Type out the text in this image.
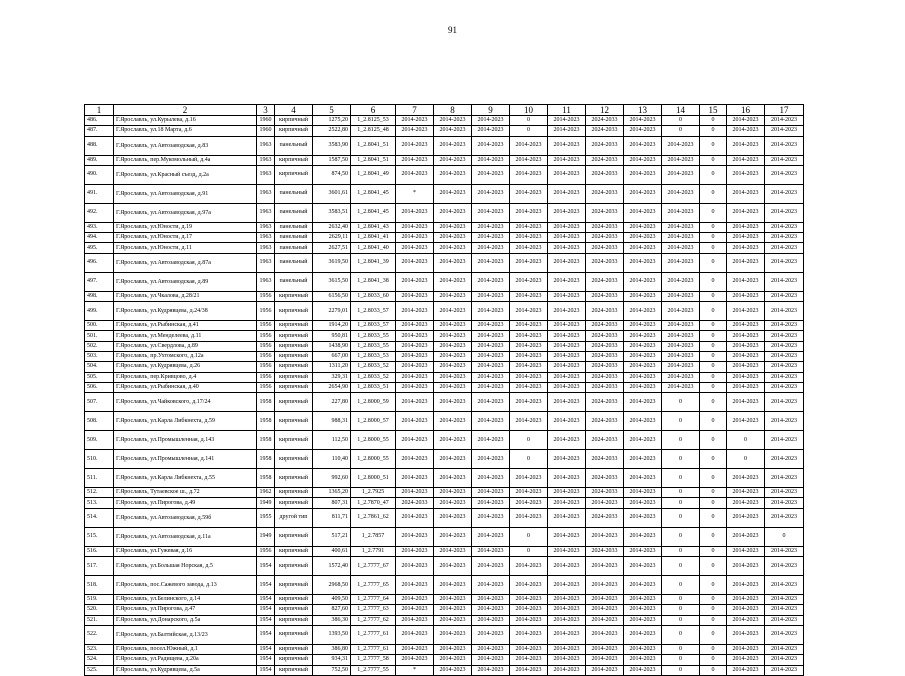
91
1	2	3	4	5	6	7	8	9	10	11	12	13	14	15	16	17
486.	Г.Ярославль, ул.Курылева, д.16	1960	кирпичный	1275,20	1_2.8125_53	2014-2023	2014-2023	2014-2023	0	2014-2023	2024-2033	2014-2023	0	0	2014-2023	2014-2023
487.	Г.Ярославль, ул.18 Марта, д.6	1960	кирпичный	2522,80	1_2.8125_48	2014-2023	2014-2023	2014-2023	0	2014-2023	2024-2033	2014-2023	0	0	2014-2023	2014-2023
488.	Г.Ярославль, ул.Автозаводская, д.83	1963	панельный	3583,90	1_2.8041_51	2014-2023	2014-2023	2014-2023	2014-2023	2014-2023	2024-2033	2014-2023	2014-2023	0	2014-2023	2014-2023
489.	Г.Ярославль, пер.Мукомольный, д.4а	1963	кирпичный	1587,50	1_2.8041_51	2014-2023	2014-2023	2014-2023	2014-2023	2014-2023	2024-2033	2014-2023	2014-2023	0	2014-2023	2014-2023
490.	Г.Ярославль, ул.Красный съезд, д.2а	1963	кирпичный	874,50	1_2.8041_49	2014-2023	2014-2023	2014-2023	2014-2023	2014-2023	2024-2033	2014-2023	2014-2023	0	2014-2023	2014-2023
491.	Г.Ярославль, ул.Автозаводская, д.91	1963	панельный	3601,61	1_2.8041_45	*	2014-2023	2014-2023	2014-2023	2014-2023	2024-2033	2014-2023	2014-2023	0	2014-2023	2014-2023
492.	Г.Ярославль, ул.Автозаводская, д.97а	1963	панельный	3583,51	1_2.8041_45	2014-2023	2014-2023	2014-2023	2014-2023	2014-2023	2024-2033	2014-2023	2014-2023	0	2014-2023	2014-2023
493.	Г.Ярославль, ул.Юности, д.19	1963	панельный	2632,40	1_2.8041_43	2014-2023	2014-2023	2014-2023	2014-2023	2014-2023	2024-2033	2014-2023	2014-2023	0	2014-2023	2014-2023
494.	Г.Ярославль, ул.Юности, д.17	1963	панельный	2629,11	1_2.8041_41	2014-2023	2014-2023	2014-2023	2014-2023	2014-2023	2024-2033	2014-2023	2014-2023	0	2014-2023	2014-2023
495.	Г.Ярославль, ул.Юности, д.11	1963	панельный	2627,51	1_2.8041_40	2014-2023	2014-2023	2014-2023	2014-2023	2014-2023	2024-2033	2014-2023	2014-2023	0	2014-2023	2014-2023
496.	Г.Ярославль, ул.Автозаводская, д.87а	1963	панельный	3619,50	1_2.8041_39	2014-2023	2014-2023	2014-2023	2014-2023	2014-2023	2024-2033	2014-2023	2014-2023	0	2014-2023	2014-2023
497.	Г.Ярославль, ул.Автозаводская, д.89	1963	панельный	3615,50	1_2.8041_38	2014-2023	2014-2023	2014-2023	2014-2023	2014-2023	2024-2033	2014-2023	2014-2023	0	2014-2023	2014-2023
498.	Г.Ярославль, ул.Чкалова, д.28/21	1956	кирпичный	6156,50	1_2.8033_60	2014-2023	2014-2023	2014-2023	2014-2023	2014-2023	2024-2033	2014-2023	2014-2023	0	2014-2023	2014-2023
499.	Г.Ярославль, ул.Кудрявцева, д.24/38	1956	кирпичный	2279,01	1_2.8033_57	2014-2023	2014-2023	2014-2023	2014-2023	2014-2023	2024-2033	2014-2023	2014-2023	0	2014-2023	2014-2023
500.	Г.Ярославль, ул.Рыбинская, д.41	1956	кирпичный	1914,20	1_2.8033_57	2014-2023	2014-2023	2014-2023	2014-2023	2014-2023	2024-2033	2014-2023	2014-2023	0	2014-2023	2014-2023
501.	Г.Ярославль, ул.Менделеева, д.11	1956	кирпичный	950,81	1_2.8033_55	2014-2023	2014-2023	2014-2023	2014-2023	2014-2023	2024-2033	2014-2023	2014-2023	0	2014-2023	2014-2023
502.	Г.Ярославль, ул.Свердлова, д.89	1956	кирпичный	1438,90	1_2.8033_55	2014-2023	2014-2023	2014-2023	2014-2023	2014-2023	2024-2033	2014-2023	2014-2023	0	2014-2023	2014-2023
503.	Г.Ярославль, пр.Ухтомского, д.12а	1956	кирпичный	667,00	1_2.8033_53	2014-2023	2014-2023	2014-2023	2014-2023	2014-2023	2024-2033	2014-2023	2014-2023	0	2014-2023	2014-2023
504.	Г.Ярославль, ул.Кудрявцева, д.26	1956	кирпичный	1311,20	1_2.8033_52	2014-2023	2014-2023	2014-2023	2014-2023	2014-2023	2024-2033	2014-2023	2014-2023	0	2014-2023	2014-2023
505.	Г.Ярославль, пер.Кривцово, д.4	1956	кирпичный	329,31	1_2.8033_52	2014-2023	2014-2023	2014-2023	2014-2023	2014-2023	2024-2033	2014-2023	2014-2023	0	2014-2023	2014-2023
506.	Г.Ярославль, ул.Рыбинская, д.40	1956	кирпичный	2654,90	1_2.8033_51	2014-2023	2014-2023	2014-2023	2014-2023	2014-2023	2024-2033	2014-2023	2014-2023	0	2014-2023	2014-2023
507.	Г.Ярославль, ул.Чайковского, д.17/24	1958	кирпичный	227,80	1_2.8000_59	2014-2023	2014-2023	2014-2023	2014-2023	2014-2023	2024-2033	2014-2023	0	0	2014-2023	2014-2023
508.	Г.Ярославль, ул.Карла Либкнехта, д.59	1958	кирпичный	988,31	1_2.8000_57	2014-2023	2014-2023	2014-2023	2014-2023	2014-2023	2024-2033	2014-2023	0	0	2014-2023	2014-2023
509.	Г.Ярославль, ул.Промышленная, д.143	1958	кирпичный	112,50	1_2.8000_55	2014-2023	2014-2023	2014-2023	0	2014-2023	2024-2033	2014-2023	0	0	0	2014-2023
510.	Г.Ярославль, ул.Промышленная, д.141	1958	кирпичный	110,40	1_2.8000_55	2014-2023	2014-2023	2014-2023	0	2014-2023	2024-2033	2014-2023	0	0	0	2014-2023
511.	Г.Ярославль, ул.Карла Либкнехта, д.55	1958	кирпичный	992,60	1_2.8000_51	2014-2023	2014-2023	2014-2023	2014-2023	2014-2023	2024-2033	2014-2023	0	0	2014-2023	2014-2023
512.	Г.Ярославль, Тутаевское ш., д.72	1962	кирпичный	1365,20	1_2.7925	2014-2023	2014-2023	2014-2023	2014-2023	2014-2023	2024-2033	2014-2023	0	0	2014-2023	2014-2023
513.	Г.Ярославль, ул.Пирогова, д.49	1949	кирпичный	807,31	1_2.7870_47	2024-2033	2014-2023	2014-2023	2014-2023	2014-2023	2014-2023	2014-2023	0	0	2014-2023	2014-2023
514.	Г.Ярославль, ул.Автозаводская, д.59б	1955	другой тип	811,71	1_2.7861_62	2014-2023	2014-2023	2014-2023	2014-2023	2014-2023	2024-2033	2014-2023	0	0	2014-2023	2014-2023
515.	Г.Ярославль, ул.Автозаводская, д.11а	1949	кирпичный	517,21	1_2.7857	2014-2023	2014-2023	2014-2023	0	2014-2023	2014-2023	2014-2023	0	0	2014-2023	0
516.	Г.Ярославль, ул.Гужевая, д.16	1956	кирпичный	400,61	1_2.7791	2014-2023	2014-2023	2014-2023	0	2014-2023	2024-2033	2014-2023	0	0	2014-2023	2014-2023
517.	Г.Ярославль, ул.Большая Норская, д.5	1954	кирпичный	1572,40	1_2.7777_67	2014-2023	2014-2023	2014-2023	2014-2023	2014-2023	2014-2023	2014-2023	0	0	2014-2023	2014-2023
518.	Г.Ярославль, пос.Сажевого завода, д.13	1954	кирпичный	2968,50	1_2.7777_65	2014-2023	2014-2023	2014-2023	2014-2023	2014-2023	2014-2023	2014-2023	0	0	2014-2023	2014-2023
519.	Г.Ярославль, ул.Белинского, д.14	1954	кирпичный	409,50	1_2.7777_64	2014-2023	2014-2023	2014-2023	2014-2023	2014-2023	2014-2023	2014-2023	0	0	2014-2023	2014-2023
520.	Г.Ярославль, ул.Пирогова, д.47	1954	кирпичный	827,60	1_2.7777_63	2014-2023	2014-2023	2014-2023	2014-2023	2014-2023	2014-2023	2014-2023	0	0	2014-2023	2014-2023
521.	Г.Ярославль, ул.Донарского, д.5а	1954	кирпичный	386,30	1_2.7777_62	2014-2023	2014-2023	2014-2023	2014-2023	2014-2023	2014-2023	2014-2023	0	0	2014-2023	2014-2023
522.	Г.Ярославль, ул.Балтийская, д.13/23	1954	кирпичный	1393,50	1_2.7777_61	2014-2023	2014-2023	2014-2023	2014-2023	2014-2023	2014-2023	2014-2023	0	0	2014-2023	2014-2023
523.	Г.Ярославль, посел.Южный, д.1	1954	кирпичный	386,80	1_2.7777_61	2014-2023	2014-2023	2014-2023	2014-2023	2014-2023	2014-2023	2014-2023	0	0	2014-2023	2014-2023
524.	Г.Ярославль, ул.Радищева, д.20а	1954	кирпичный	934,31	1_2.7777_58	2014-2023	2014-2023	2014-2023	2014-2023	2014-2023	2014-2023	2014-2023	0	0	2014-2023	2014-2023
525.	Г.Ярославль, ул.Кудрявцева, д.5а	1954	кирпичный	752,50	1_2.7777_55	*	2014-2023	2014-2023	2014-2023	2014-2023	2014-2023	2014-2023	0	0	2014-2023	2014-2023
